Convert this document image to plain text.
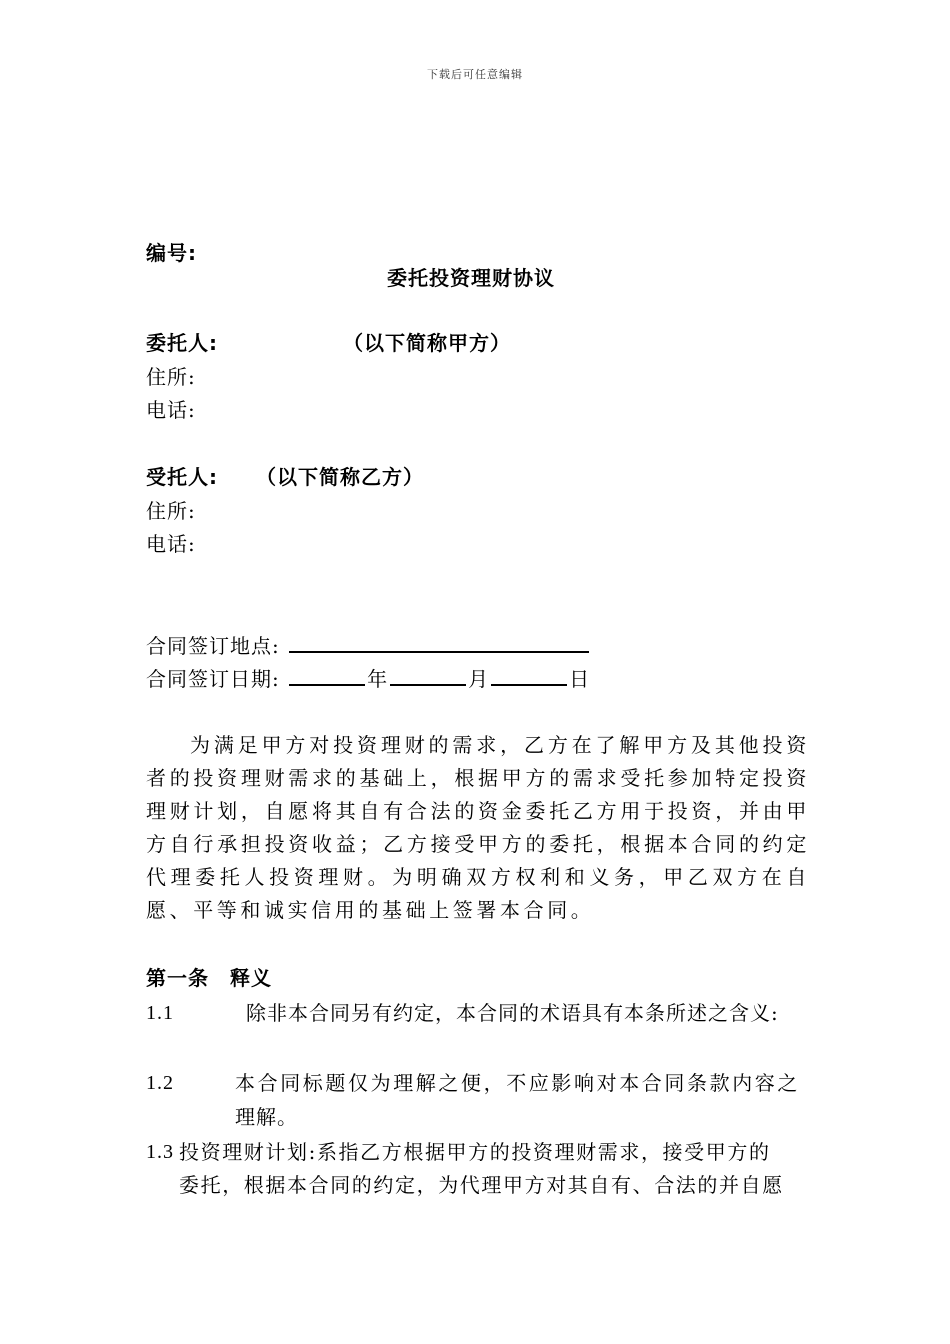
下载后可任意编辑
编号:
委托投资理财协议
委托人:	（以下简称甲方）
住所:
电话:
受托人: （以下简称乙方）
住所:
电话:
合同签订地点:
合同签订日期:	年	月	日
为满足甲方对投资理财的需求，乙方在了解甲方及其他投资者的投资理财需求的基础上，根据甲方的需求受托参加特定投资理财计划，自愿将其自有合法的资金委托乙方用于投资，并由甲方自行承担投资收益；乙方接受甲方的委托，根据本合同的约定代理委托人投资理财。为明确双方权利和义务，甲乙双方在自愿、平等和诚实信用的基础上签署本合同。
第一条　释义
1.1	除非本合同另有约定，本合同的术语具有本条所述之含义:
1.2	本合同标题仅为理解之便，不应影响对本合同条款内容之
理解。
1.3 投资理财计划:系指乙方根据甲方的投资理财需求，接受甲方的
委托，根据本合同的约定，为代理甲方对其自有、合法的并自愿
